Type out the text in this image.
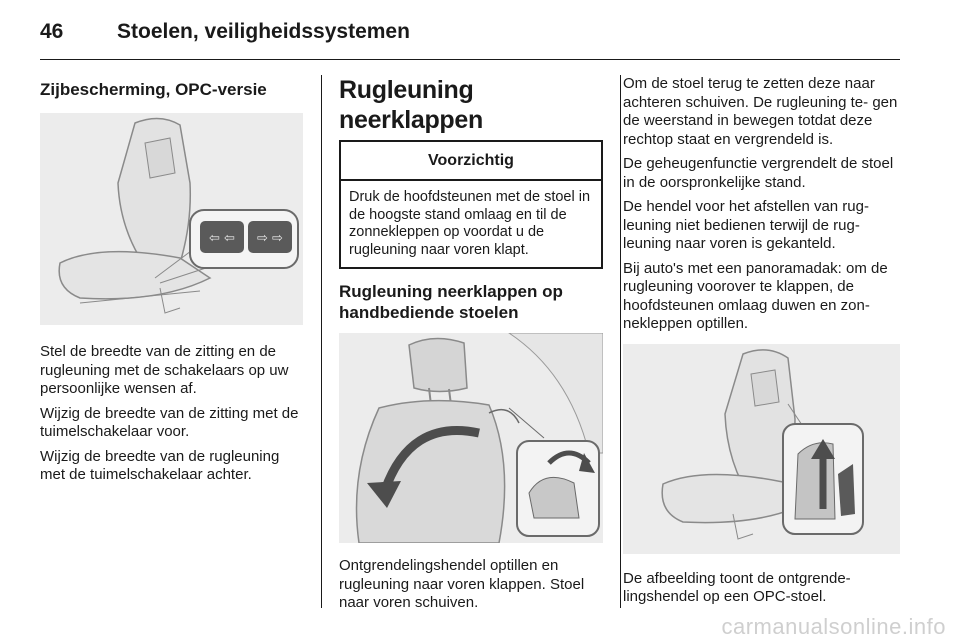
46	Stoelen, veiligheidssystemen
Zijbescherming, OPC-versie
⇦ ⇦ ⇨ ⇨

Stel de breedte van de zitting en de rugleuning met de schakelaars op uw persoonlijke wensen af.

Wijzig de breedte van de zitting met de tuimelschakelaar voor.

Wijzig de breedte van de rugleuning met de tuimelschakelaar achter.

Rugleuning neerklappen
Voorzichtig
Druk de hoofdsteunen met de stoel in de hoogste stand omlaag en til de zonnekleppen op voordat u de rugleuning naar voren klapt.
Rugleuning neerklappen op handbediende stoelen

Ontgrendelingshendel optillen en rugleuning naar voren klappen. Stoel naar voren schuiven.

Om de stoel terug te zetten deze naar achteren schuiven. De rugleuning te- gen de weerstand in bewegen totdat deze rechtop staat en vergrendeld is.

De geheugenfunctie vergrendelt de stoel in de oorspronkelijke stand.

De hendel voor het afstellen van rug- leuning niet bedienen terwijl de rug- leuning naar voren is gekanteld.

Bij auto's met een panoramadak: om de rugleuning voorover te klappen, de hoofdsteunen omlaag duwen en zon- nekleppen optillen.

De afbeelding toont de ontgrende- lingshendel op een OPC-stoel.

carmanualsonline.info
